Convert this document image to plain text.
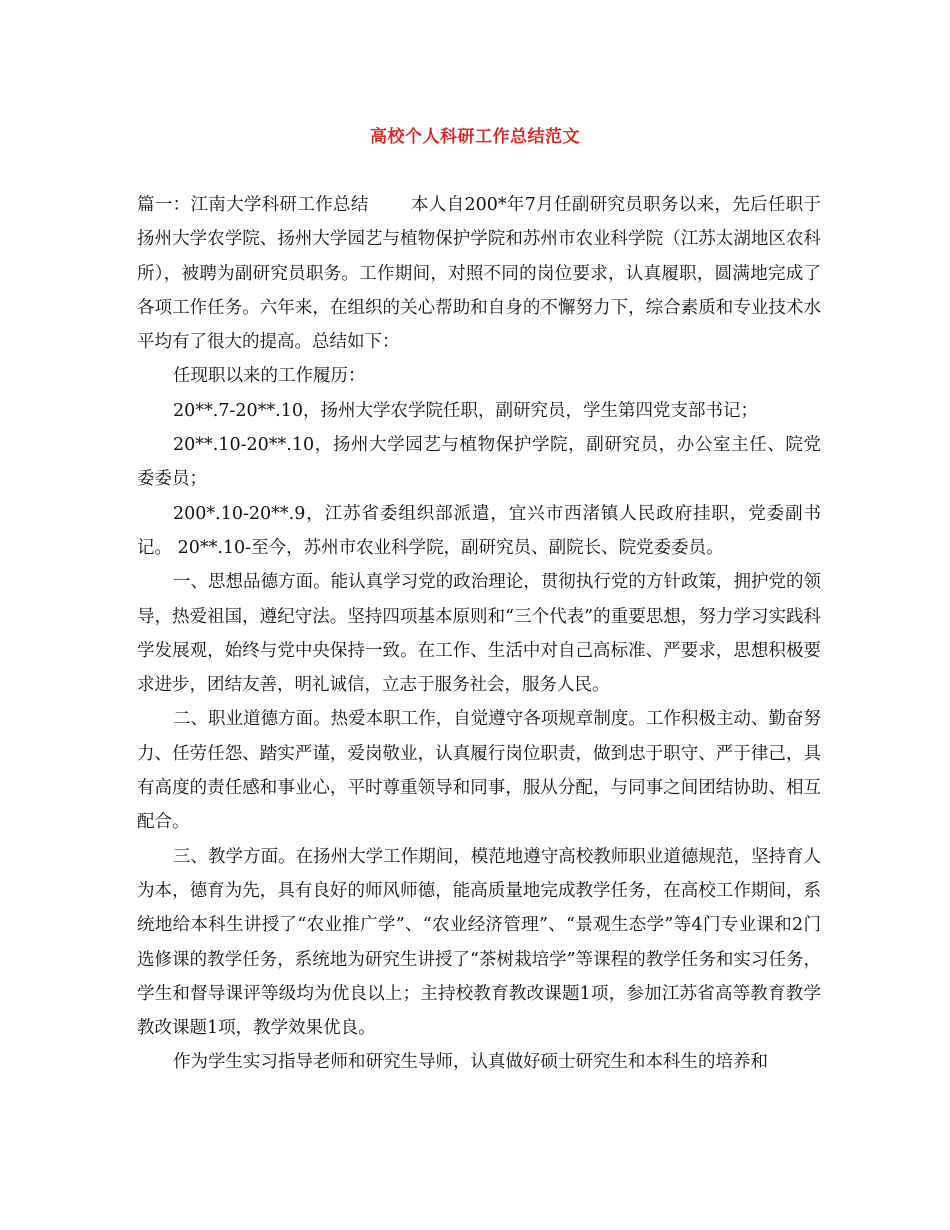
高校个人科研工作总结范文

篇一：江南大学科研工作总结 本人自200*年7月任副研究员职务以来，先后任职于扬州大学农学院、扬州大学园艺与植物保护学院和苏州市农业科学院（江苏太湖地区农科所），被聘为副研究员职务。工作期间，对照不同的岗位要求，认真履职，圆满地完成了各项工作任务。六年来，在组织的关心帮助和自身的不懈努力下，综合素质和专业技术水平均有了很大的提高。总结如下：

任现职以来的工作履历：

20**.7-20**.10，扬州大学农学院任职，副研究员，学生第四党支部书记；

20**.10-20**.10，扬州大学园艺与植物保护学院，副研究员，办公室主任、院党委委员；

200*.10-20**.9，江苏省委组织部派遣，宜兴市西渚镇人民政府挂职，党委副书记。 20**.10-至今，苏州市农业科学院，副研究员、副院长、院党委委员。

一、思想品德方面。能认真学习党的政治理论，贯彻执行党的方针政策，拥护党的领导，热爱祖国，遵纪守法。坚持四项基本原则和“三个代表”的重要思想，努力学习实践科学发展观，始终与党中央保持一致。在工作、生活中对自己高标准、严要求，思想积极要求进步，团结友善，明礼诚信，立志于服务社会，服务人民。

二、职业道德方面。热爱本职工作，自觉遵守各项规章制度。工作积极主动、勤奋努力、任劳任怨、踏实严谨，爱岗敬业，认真履行岗位职责，做到忠于职守、严于律己，具有高度的责任感和事业心，平时尊重领导和同事，服从分配，与同事之间团结协助、相互配合。

三、教学方面。在扬州大学工作期间，模范地遵守高校教师职业道德规范，坚持育人为本，德育为先，具有良好的师风师德，能高质量地完成教学任务，在高校工作期间，系统地给本科生讲授了“农业推广学”、“农业经济管理”、“景观生态学”等4门专业课和2门选修课的教学任务，系统地为研究生讲授了“茶树栽培学”等课程的教学任务和实习任务，学生和督导课评等级均为优良以上；主持校教育教改课题1项，参加江苏省高等教育教学教改课题1项，教学效果优良。

作为学生实习指导老师和研究生导师，认真做好硕士研究生和本科生的培养和
